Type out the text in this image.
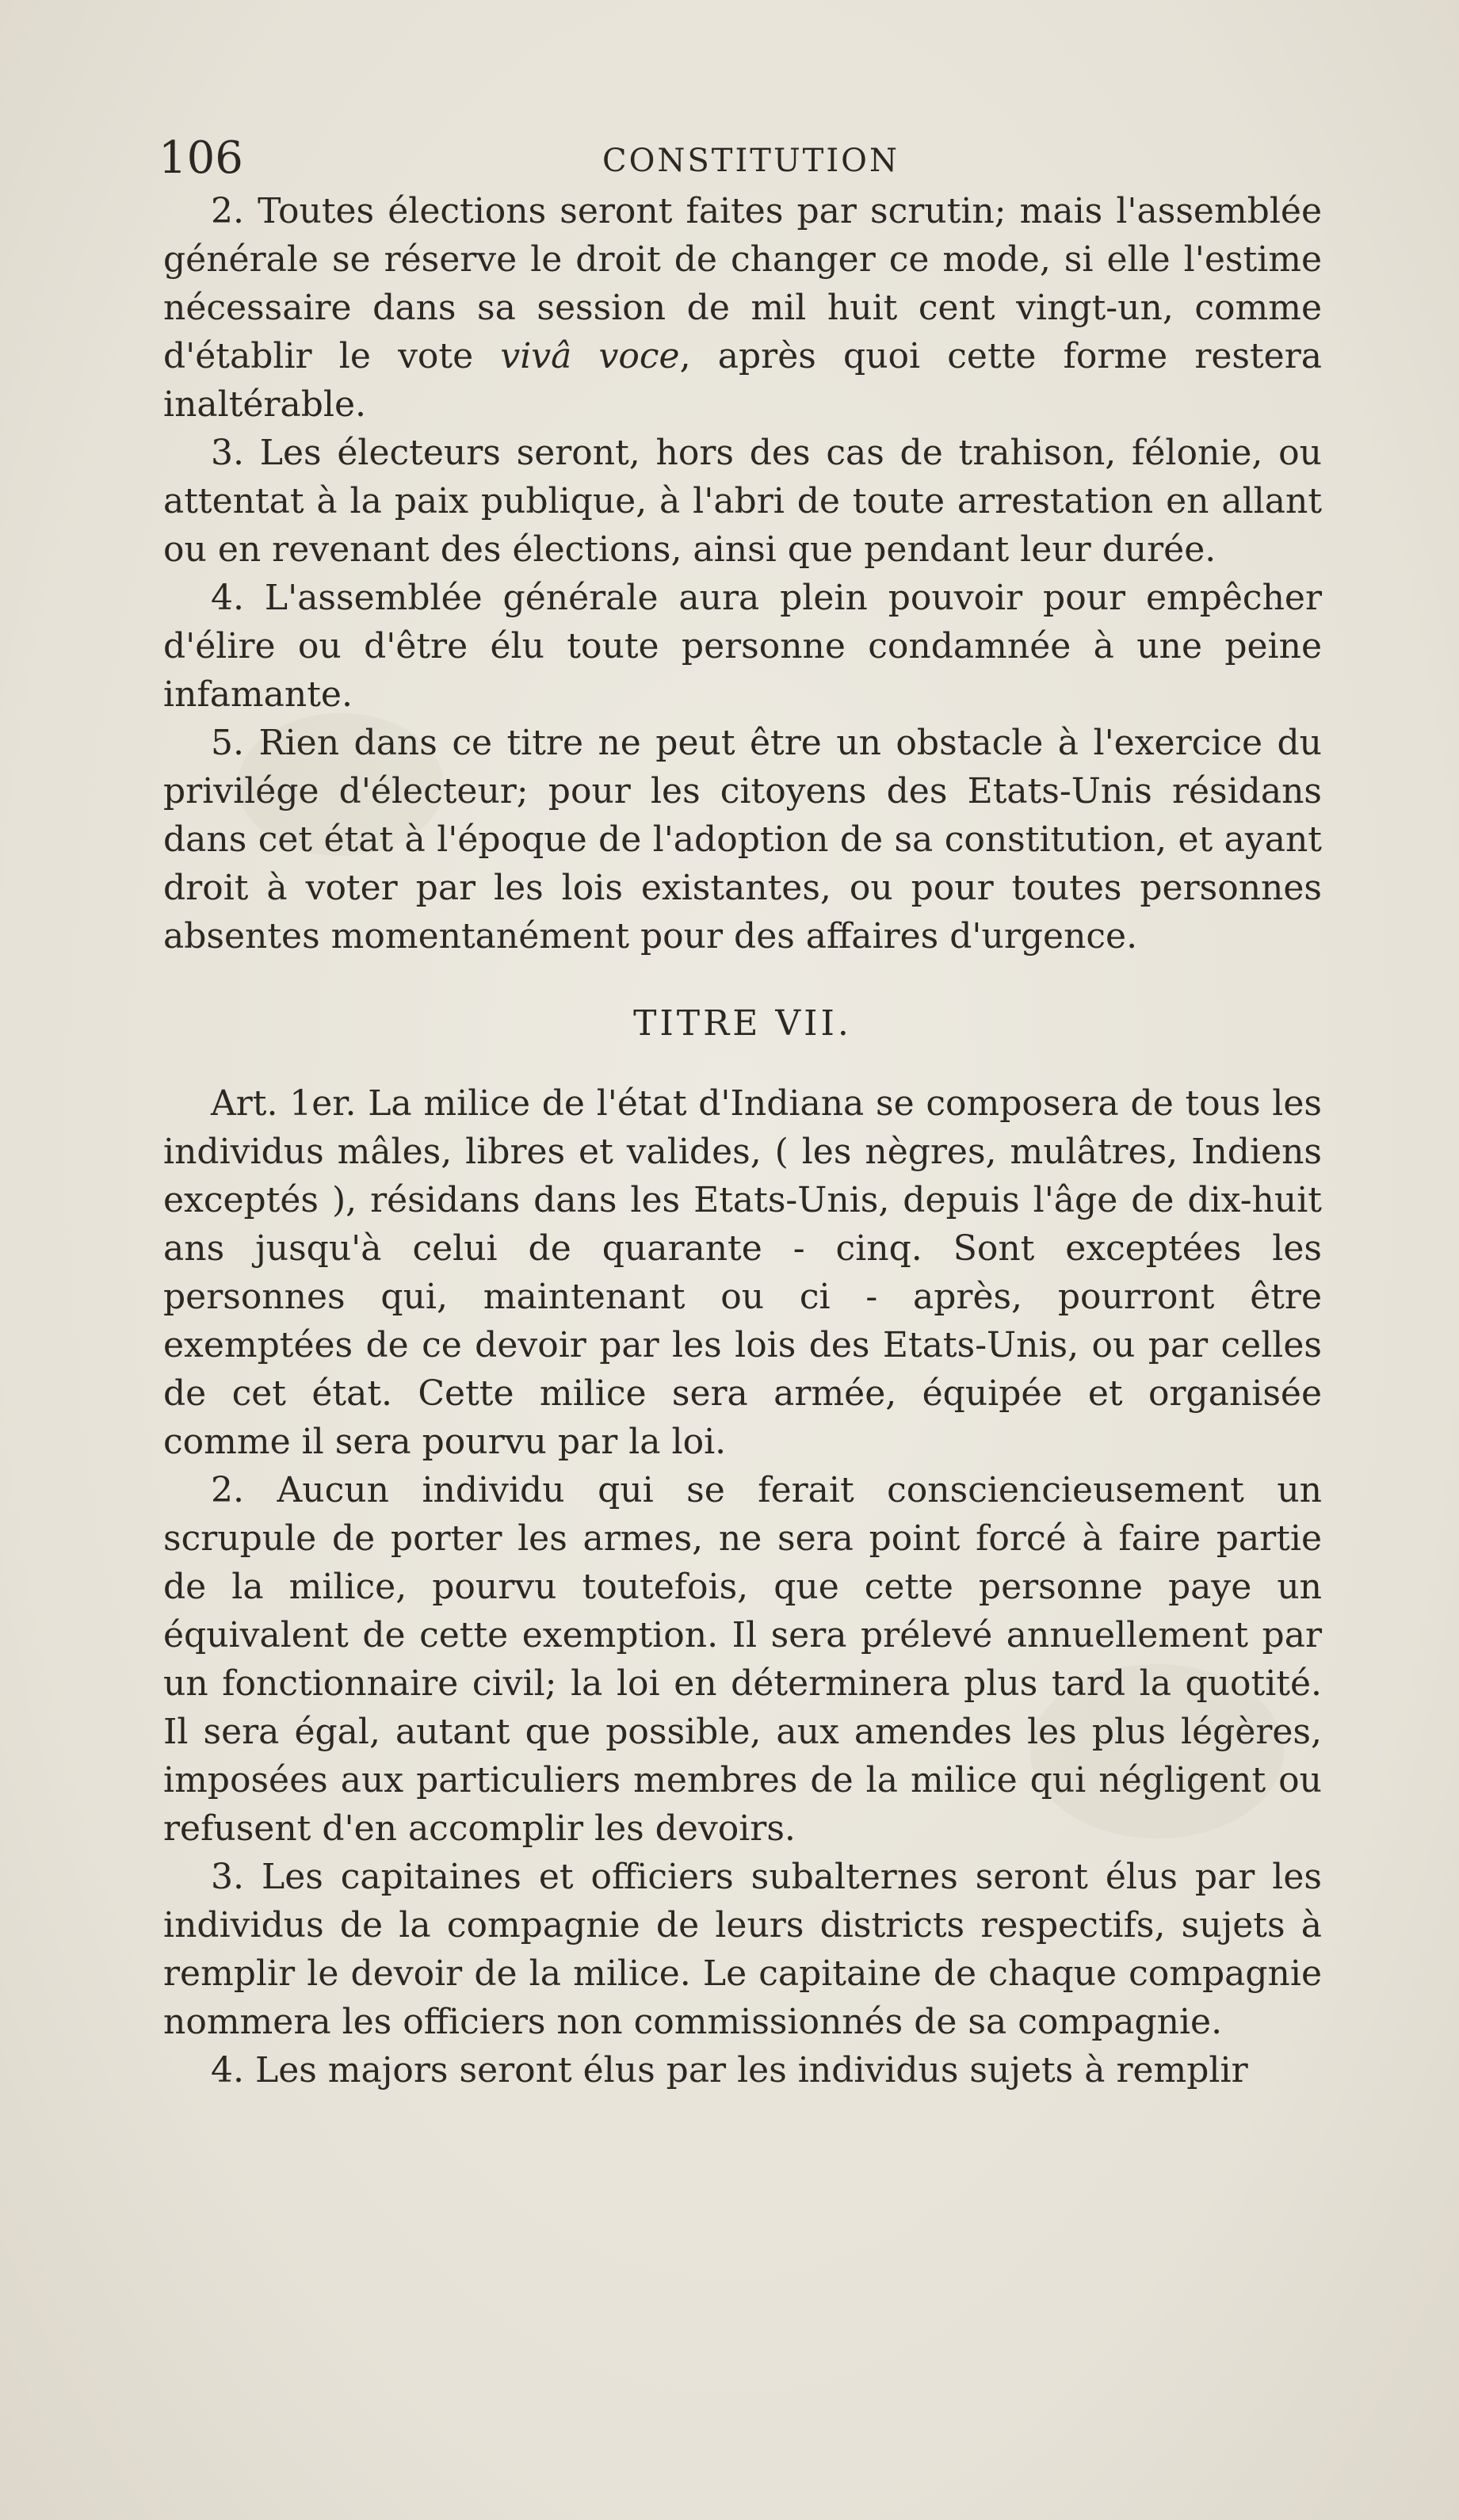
106	CONSTITUTION

2. Toutes élections seront faites par scrutin; mais l'assemblée générale se réserve le droit de changer ce mode, si elle l'estime nécessaire dans sa session de mil huit cent vingt-un, comme d'établir le vote vivâ voce, après quoi cette forme restera inaltérable.

3. Les électeurs seront, hors des cas de trahison, félonie, ou attentat à la paix publique, à l'abri de toute arrestation en allant ou en revenant des élections, ainsi que pendant leur durée.

4. L'assemblée générale aura plein pouvoir pour empêcher d'élire ou d'être élu toute personne condamnée à une peine infamante.

5. Rien dans ce titre ne peut être un obstacle à l'exercice du privilége d'électeur; pour les citoyens des Etats-Unis résidans dans cet état à l'époque de l'adoption de sa constitution, et ayant droit à voter par les lois existantes, ou pour toutes personnes absentes momentanément pour des affaires d'urgence.

TITRE VII.

Art. 1er. La milice de l'état d'Indiana se composera de tous les individus mâles, libres et valides, ( les nègres, mulâtres, Indiens exceptés ), résidans dans les Etats-Unis, depuis l'âge de dix-huit ans jusqu'à celui de quarante - cinq. Sont exceptées les personnes qui, maintenant ou ci - après, pourront être exemptées de ce devoir par les lois des Etats-Unis, ou par celles de cet état. Cette milice sera armée, équipée et organisée comme il sera pourvu par la loi.

2. Aucun individu qui se ferait consciencieusement un scrupule de porter les armes, ne sera point forcé à faire partie de la milice, pourvu toutefois, que cette personne paye un équivalent de cette exemption. Il sera prélevé annuellement par un fonctionnaire civil; la loi en déterminera plus tard la quotité. Il sera égal, autant que possible, aux amendes les plus légères, imposées aux particuliers membres de la milice qui négligent ou refusent d'en accomplir les devoirs.

3. Les capitaines et officiers subalternes seront élus par les individus de la compagnie de leurs districts respectifs, sujets à remplir le devoir de la milice. Le capitaine de chaque compagnie nommera les officiers non commissionnés de sa compagnie.

4. Les majors seront élus par les individus sujets à remplir
